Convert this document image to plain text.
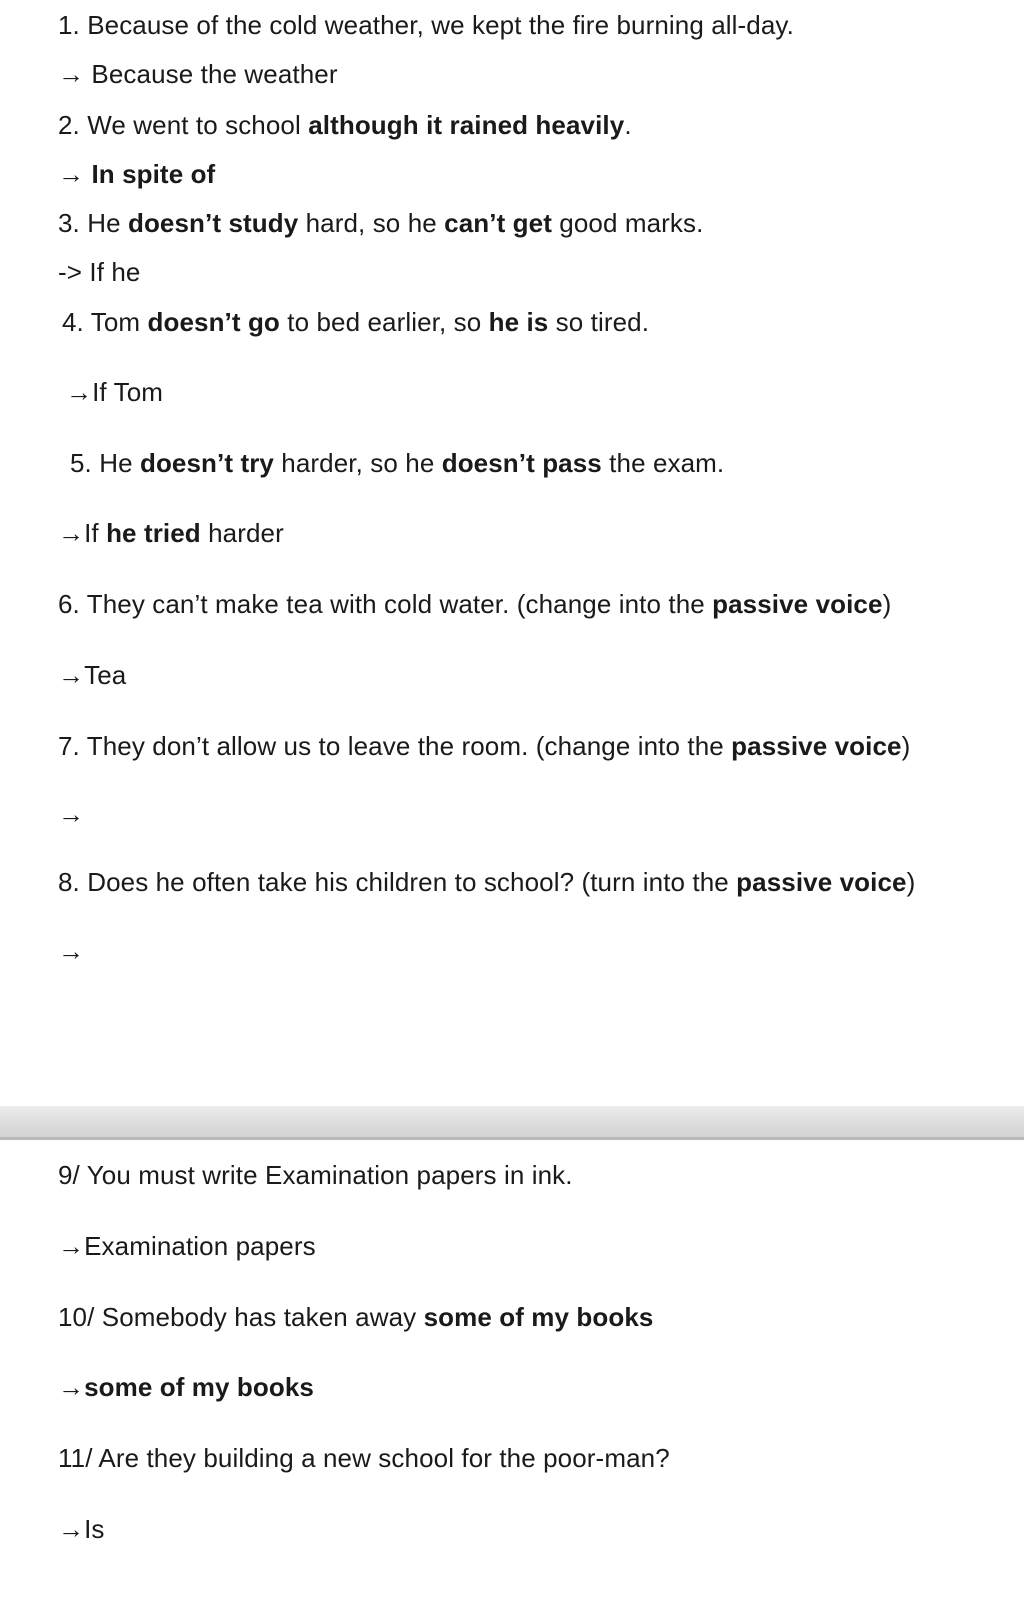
1. Because of the cold weather, we kept the fire burning all-day.
→ Because the weather
2. We went to school although it rained heavily.
→ In spite of
3. He doesn’t study hard, so he can’t get good marks.
-> If he
4. Tom doesn’t go to bed earlier, so he is so tired.
→If Tom
5. He doesn’t try harder, so he doesn’t pass the exam.
→If he tried harder
6. They can’t make tea with cold water. (change into the passive voice)
→Tea
7. They don’t allow us to leave the room. (change into the passive voice)
→
8. Does he often take his children to school? (turn into the passive voice)
→
9/ You must write Examination papers in ink.
→Examination papers
10/ Somebody has taken away some of my books
→some of my books
11/ Are they building a new school for the poor-man?
→Is
